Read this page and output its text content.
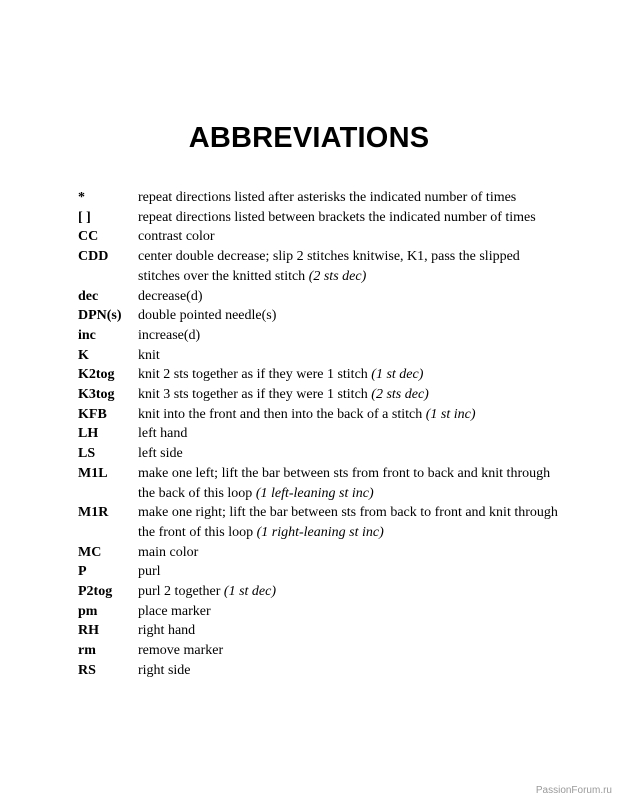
ABBREVIATIONS
*	repeat directions listed after asterisks the indicated number of times
[ ]	repeat directions listed between brackets the indicated number of times
CC	contrast color
CDD	center double decrease; slip 2 stitches knitwise, K1, pass the slipped stitches over the knitted stitch (2 sts dec)
dec	decrease(d)
DPN(s)	double pointed needle(s)
inc	increase(d)
K	knit
K2tog	knit 2 sts together as if they were 1 stitch (1 st dec)
K3tog	knit 3 sts together as if they were 1 stitch (2 sts dec)
KFB	knit into the front and then into the back of a stitch (1 st inc)
LH	left hand
LS	left side
M1L	make one left; lift the bar between sts from front to back and knit through the back of this loop (1 left-leaning st inc)
M1R	make one right; lift the bar between sts from back to front and knit through the front of this loop (1 right-leaning st inc)
MC	main color
P	purl
P2tog	purl 2 together (1 st dec)
pm	place marker
RH	right hand
rm	remove marker
RS	right side
PassionForum.ru
